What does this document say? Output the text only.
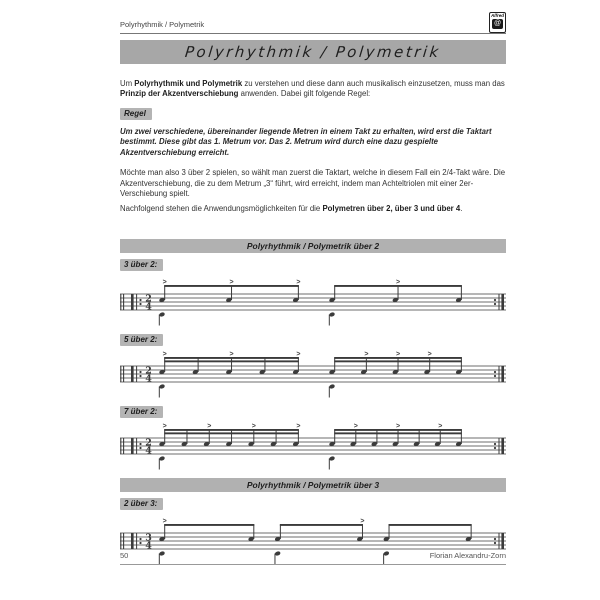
Polyrhythmik / Polymetrik
Alfred
@
Polyrhythmik / Polymetrik

Um Polyrhythmik und Polymetrik zu verstehen und diese dann auch musikalisch einzusetzen, muss man das Prinzip der Akzentverschiebung anwenden. Dabei gilt folgende Regel:

Regel

Um zwei verschiedene, übereinander liegende Metren in einem Takt zu erhalten, wird erst die Taktart bestimmt. Diese gibt das 1. Metrum vor. Das 2. Metrum wird durch eine dazu gespielte Akzentverschiebung erreicht.

Möchte man also 3 über 2 spielen, so wählt man zuerst die Taktart, welche in diesem Fall ein 2/4-Takt wäre. Die Akzentverschiebung, die zu dem Metrum „3“ führt, wird erreicht, indem man Achteltriolen mit einer 2er-Verschiebung spielt.

Nachfolgend stehen die Anwendungsmöglichkeiten für die Polymetren über 2, über 3 und über 4.

Polyrhythmik / Polymetrik über 2
3 über 2:
2
4
>	>	>	>
5 über 2:
2
4
>	>	>	>	>	>
7 über 2:
2
4
>	>	>	>	>	>	>
Polyrhythmik / Polymetrik über 3
2 über 3:
3
4
>	>
50	Florian Alexandru-Zorn
